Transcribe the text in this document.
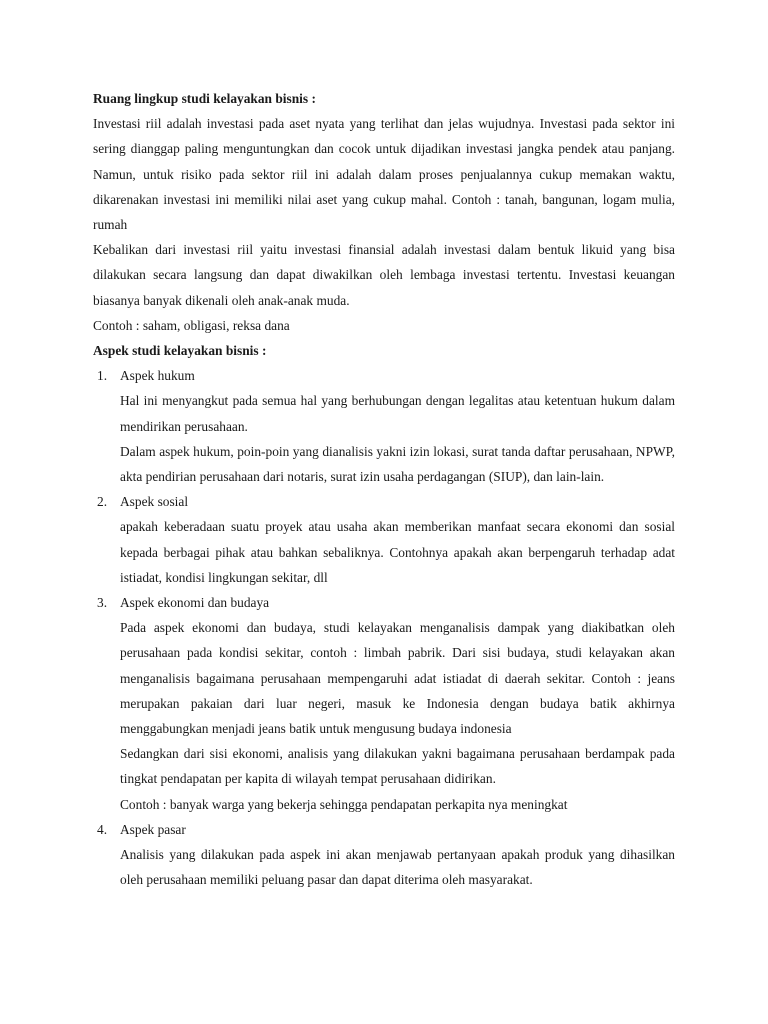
Ruang lingkup studi kelayakan bisnis :

Investasi riil adalah investasi pada aset nyata yang terlihat dan jelas wujudnya. Investasi pada sektor ini sering dianggap paling menguntungkan dan cocok untuk dijadikan investasi jangka pendek atau panjang. Namun, untuk risiko pada sektor riil ini adalah dalam proses penjualannya cukup memakan waktu, dikarenakan investasi ini memiliki nilai aset yang cukup mahal. Contoh : tanah, bangunan, logam mulia, rumah

Kebalikan dari investasi riil yaitu investasi finansial adalah investasi dalam bentuk likuid yang bisa dilakukan secara langsung dan dapat diwakilkan oleh lembaga investasi tertentu. Investasi keuangan biasanya banyak dikenali oleh anak-anak muda.

Contoh : saham, obligasi, reksa dana

Aspek studi kelayakan bisnis :
1. Aspek hukum

Hal ini menyangkut pada semua hal yang berhubungan dengan legalitas atau ketentuan hukum dalam mendirikan perusahaan.

Dalam aspek hukum, poin-poin yang dianalisis yakni izin lokasi, surat tanda daftar perusahaan, NPWP, akta pendirian perusahaan dari notaris, surat izin usaha perdagangan (SIUP), dan lain-lain.

2. Aspek sosial

apakah keberadaan suatu proyek atau usaha akan memberikan manfaat secara ekonomi dan sosial kepada berbagai pihak atau bahkan sebaliknya. Contohnya apakah akan berpengaruh terhadap adat istiadat, kondisi lingkungan sekitar, dll

3. Aspek ekonomi dan budaya

Pada aspek ekonomi dan budaya, studi kelayakan menganalisis dampak yang diakibatkan oleh perusahaan pada kondisi sekitar, contoh : limbah pabrik. Dari sisi budaya, studi kelayakan akan menganalisis bagaimana perusahaan mempengaruhi adat istiadat di daerah sekitar. Contoh : jeans merupakan pakaian dari luar negeri, masuk ke Indonesia dengan budaya batik akhirnya menggabungkan menjadi jeans batik untuk mengusung budaya indonesia

Sedangkan dari sisi ekonomi, analisis yang dilakukan yakni bagaimana perusahaan berdampak pada tingkat pendapatan per kapita di wilayah tempat perusahaan didirikan.

Contoh : banyak warga yang bekerja sehingga pendapatan perkapita nya meningkat

4. Aspek pasar

Analisis yang dilakukan pada aspek ini akan menjawab pertanyaan apakah produk yang dihasilkan oleh perusahaan memiliki peluang pasar dan dapat diterima oleh masyarakat.
